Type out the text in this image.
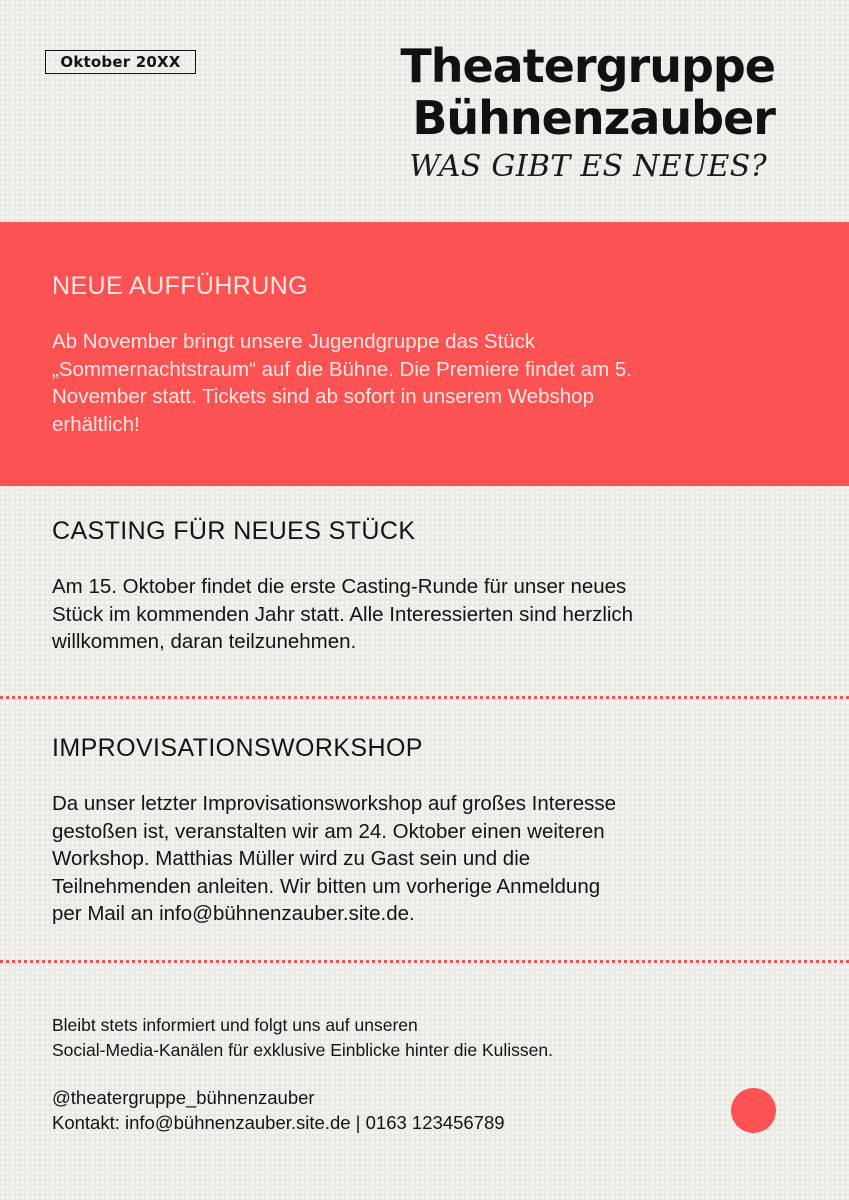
Oktober 20XX	Theatergruppe
Bühnenzauber
WAS GIBT ES NEUES?
NEUE AUFFÜHRUNG

Ab November bringt unsere Jugendgruppe das Stück
„Sommernachtstraum“ auf die Bühne. Die Premiere findet am 5.
November statt. Tickets sind ab sofort in unserem Webshop
erhältlich!

CASTING FÜR NEUES STÜCK

Am 15. Oktober findet die erste Casting-Runde für unser neues
Stück im kommenden Jahr statt. Alle Interessierten sind herzlich
willkommen, daran teilzunehmen.

IMPROVISATIONSWORKSHOP

Da unser letzter Improvisationsworkshop auf großes Interesse
gestoßen ist, veranstalten wir am 24. Oktober einen weiteren
Workshop. Matthias Müller wird zu Gast sein und die
Teilnehmenden anleiten. Wir bitten um vorherige Anmeldung
per Mail an info@bühnenzauber.site.de.

Bleibt stets informiert und folgt uns auf unseren
Social-Media-Kanälen für exklusive Einblicke hinter die Kulissen.

@theatergruppe_bühnenzauber
Kontakt: info@bühnenzauber.site.de | 0163 123456789
